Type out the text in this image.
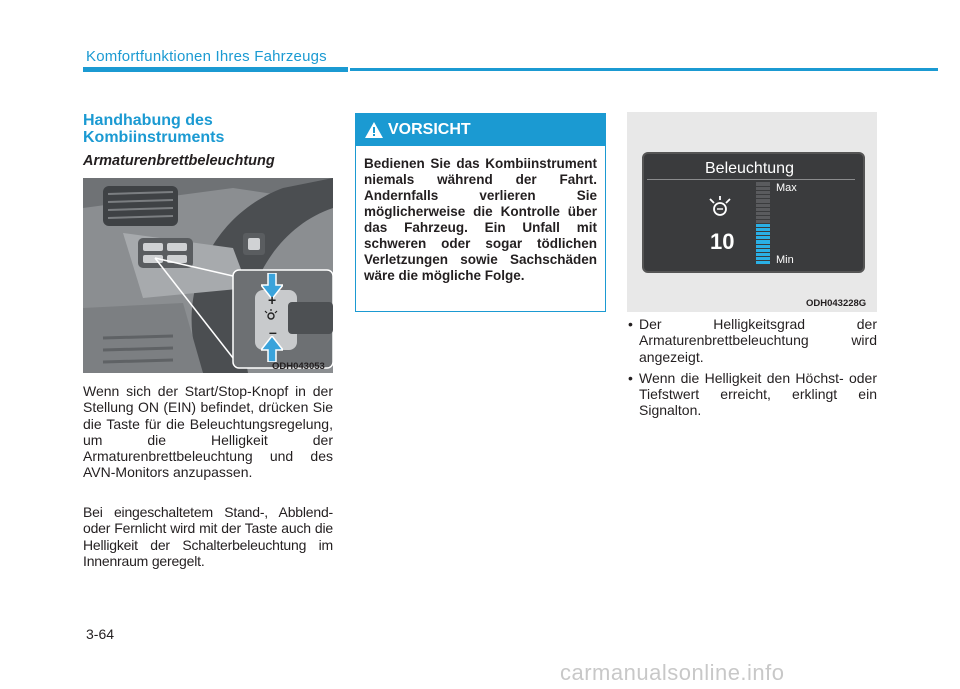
Komfortfunktionen Ihres Fahrzeugs
Handhabung des Kombiinstruments
Armaturenbrettbeleuchtung
+
–
ODH043053
Wenn sich der Start/Stop-Knopf in der Stellung ON (EIN) befindet, drücken Sie die Taste für die Beleuchtungsregelung, um die Helligkeit der Armaturenbrettbeleuchtung und des AVN-Monitors anzupassen.
Bei eingeschaltetem Stand-, Abblend- oder Fernlicht wird mit der Taste auch die Helligkeit der Schalterbeleuchtung im Innenraum geregelt.
VORSICHT
Bedienen Sie das Kombiinstrument niemals während der Fahrt. Andernfalls verlieren Sie möglicherweise die Kontrolle über das Fahrzeug. Ein Unfall mit schweren oder sogar tödlichen Verletzungen sowie Sachschäden wäre die mögliche Folge.
Beleuchtung
10
Max
Min
ODH043228G
• Der Helligkeitsgrad der Armaturenbrettbeleuchtung wird angezeigt.
• Wenn die Helligkeit den Höchst- oder Tiefstwert erreicht, erklingt ein Signalton.
3-64
carmanualsonline.info
